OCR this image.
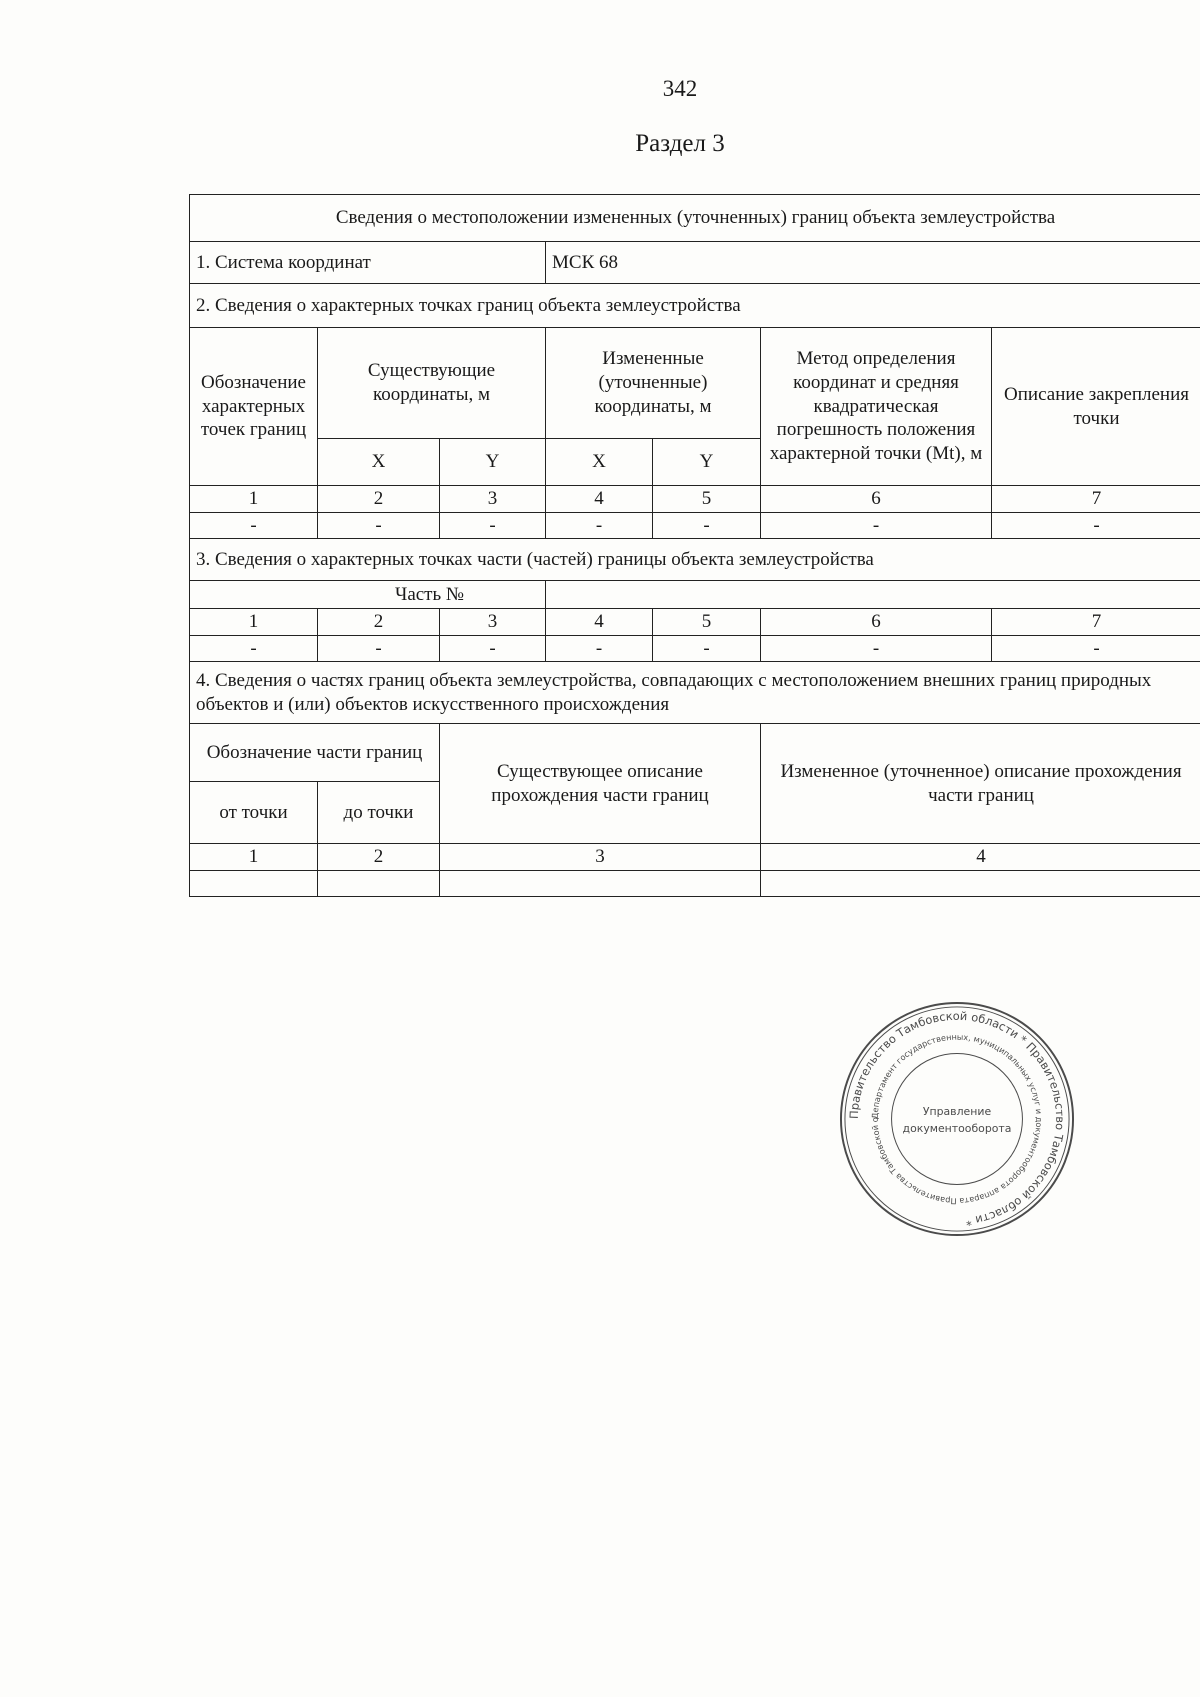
342
Раздел 3
Сведения о местоположении измененных (уточненных) границ объекта землеустройства						
1. Система координат			МСК 68			
2. Сведения о характерных точках границ объекта землеустройства						
Обозначение характерных точек границ	Существующие координаты, м		Измененные (уточненные) координаты, м		Метод определения координат и средняя квадратическая погрешность положения характерной точки (Mt), м	Описание закрепления точки
	X	Y	X	Y		
1	2	3	4	5	6	7
-	-	-	-	-	-	-
3. Сведения о характерных точках части (частей) границы объекта землеустройства						
Часть №						
1	2	3	4	5	6	7
-	-	-	-	-	-	-
4. Сведения о частях границ объекта землеустройства, совпадающих с местоположением внешних границ природных объектов и (или) объектов искусственного происхождения						
Обозначение части границ		Существующее описание прохождения части границ			Измененное (уточненное) описание прохождения части границ	
от точки	до точки					
1	2	3			4	

Правительство Тамбовской области * Правительство Тамбовской области *
Департамент государственных, муниципальных услуг и документооборота аппарата Правительства Тамбовской о
Управление
документооборота
